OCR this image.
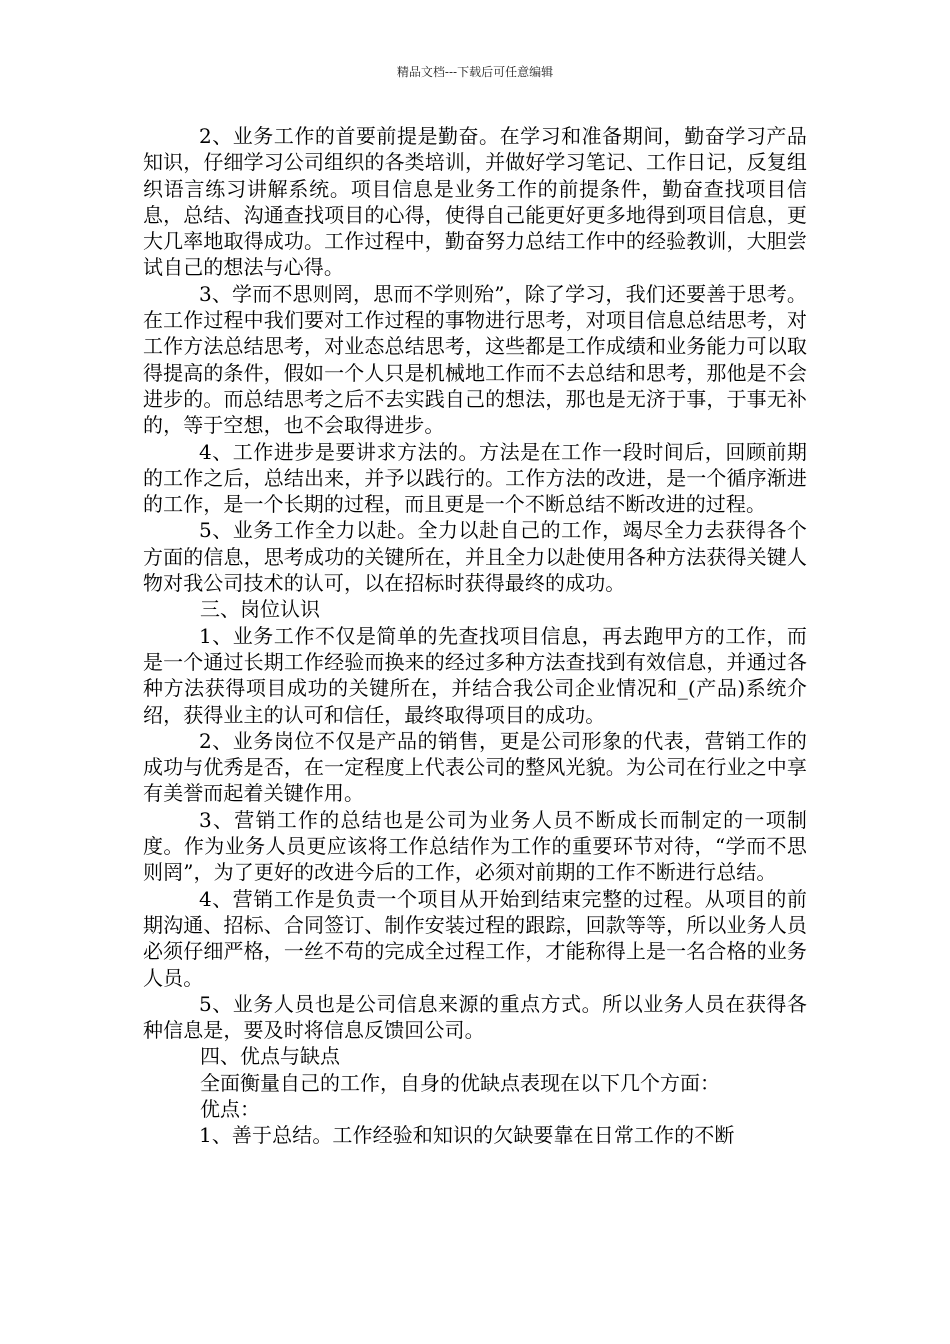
精品文档---下载后可任意编辑

2、业务工作的首要前提是勤奋。在学习和准备期间，勤奋学习产品知识，仔细学习公司组织的各类培训，并做好学习笔记、工作日记，反复组织语言练习讲解系统。项目信息是业务工作的前提条件，勤奋查找项目信息，总结、沟通查找项目的心得，使得自己能更好更多地得到项目信息，更大几率地取得成功。工作过程中，勤奋努力总结工作中的经验教训，大胆尝试自己的想法与心得。

3、学而不思则罔，思而不学则殆”，除了学习，我们还要善于思考。在工作过程中我们要对工作过程的事物进行思考，对项目信息总结思考，对工作方法总结思考，对业态总结思考，这些都是工作成绩和业务能力可以取得提高的条件，假如一个人只是机械地工作而不去总结和思考，那他是不会进步的。而总结思考之后不去实践自己的想法，那也是无济于事，于事无补的，等于空想，也不会取得进步。

4、工作进步是要讲求方法的。方法是在工作一段时间后，回顾前期的工作之后，总结出来，并予以践行的。工作方法的改进，是一个循序渐进的工作，是一个长期的过程，而且更是一个不断总结不断改进的过程。

5、业务工作全力以赴。全力以赴自己的工作，竭尽全力去获得各个方面的信息，思考成功的关键所在，并且全力以赴使用各种方法获得关键人物对我公司技术的认可，以在招标时获得最终的成功。

三、岗位认识

1、业务工作不仅是简单的先查找项目信息，再去跑甲方的工作，而是一个通过长期工作经验而换来的经过多种方法查找到有效信息，并通过各种方法获得项目成功的关键所在，并结合我公司企业情况和_(产品)系统介绍，获得业主的认可和信任，最终取得项目的成功。

2、业务岗位不仅是产品的销售，更是公司形象的代表，营销工作的成功与优秀是否，在一定程度上代表公司的整风光貌。为公司在行业之中享有美誉而起着关键作用。

3、营销工作的总结也是公司为业务人员不断成长而制定的一项制度。作为业务人员更应该将工作总结作为工作的重要环节对待，“学而不思则罔”，为了更好的改进今后的工作，必须对前期的工作不断进行总结。

4、营销工作是负责一个项目从开始到结束完整的过程。从项目的前期沟通、招标、合同签订、制作安装过程的跟踪，回款等等，所以业务人员必须仔细严格，一丝不苟的完成全过程工作，才能称得上是一名合格的业务人员。

5、业务人员也是公司信息来源的重点方式。所以业务人员在获得各种信息是，要及时将信息反馈回公司。

四、优点与缺点

全面衡量自己的工作，自身的优缺点表现在以下几个方面：

优点：

1、善于总结。工作经验和知识的欠缺要靠在日常工作的不断
